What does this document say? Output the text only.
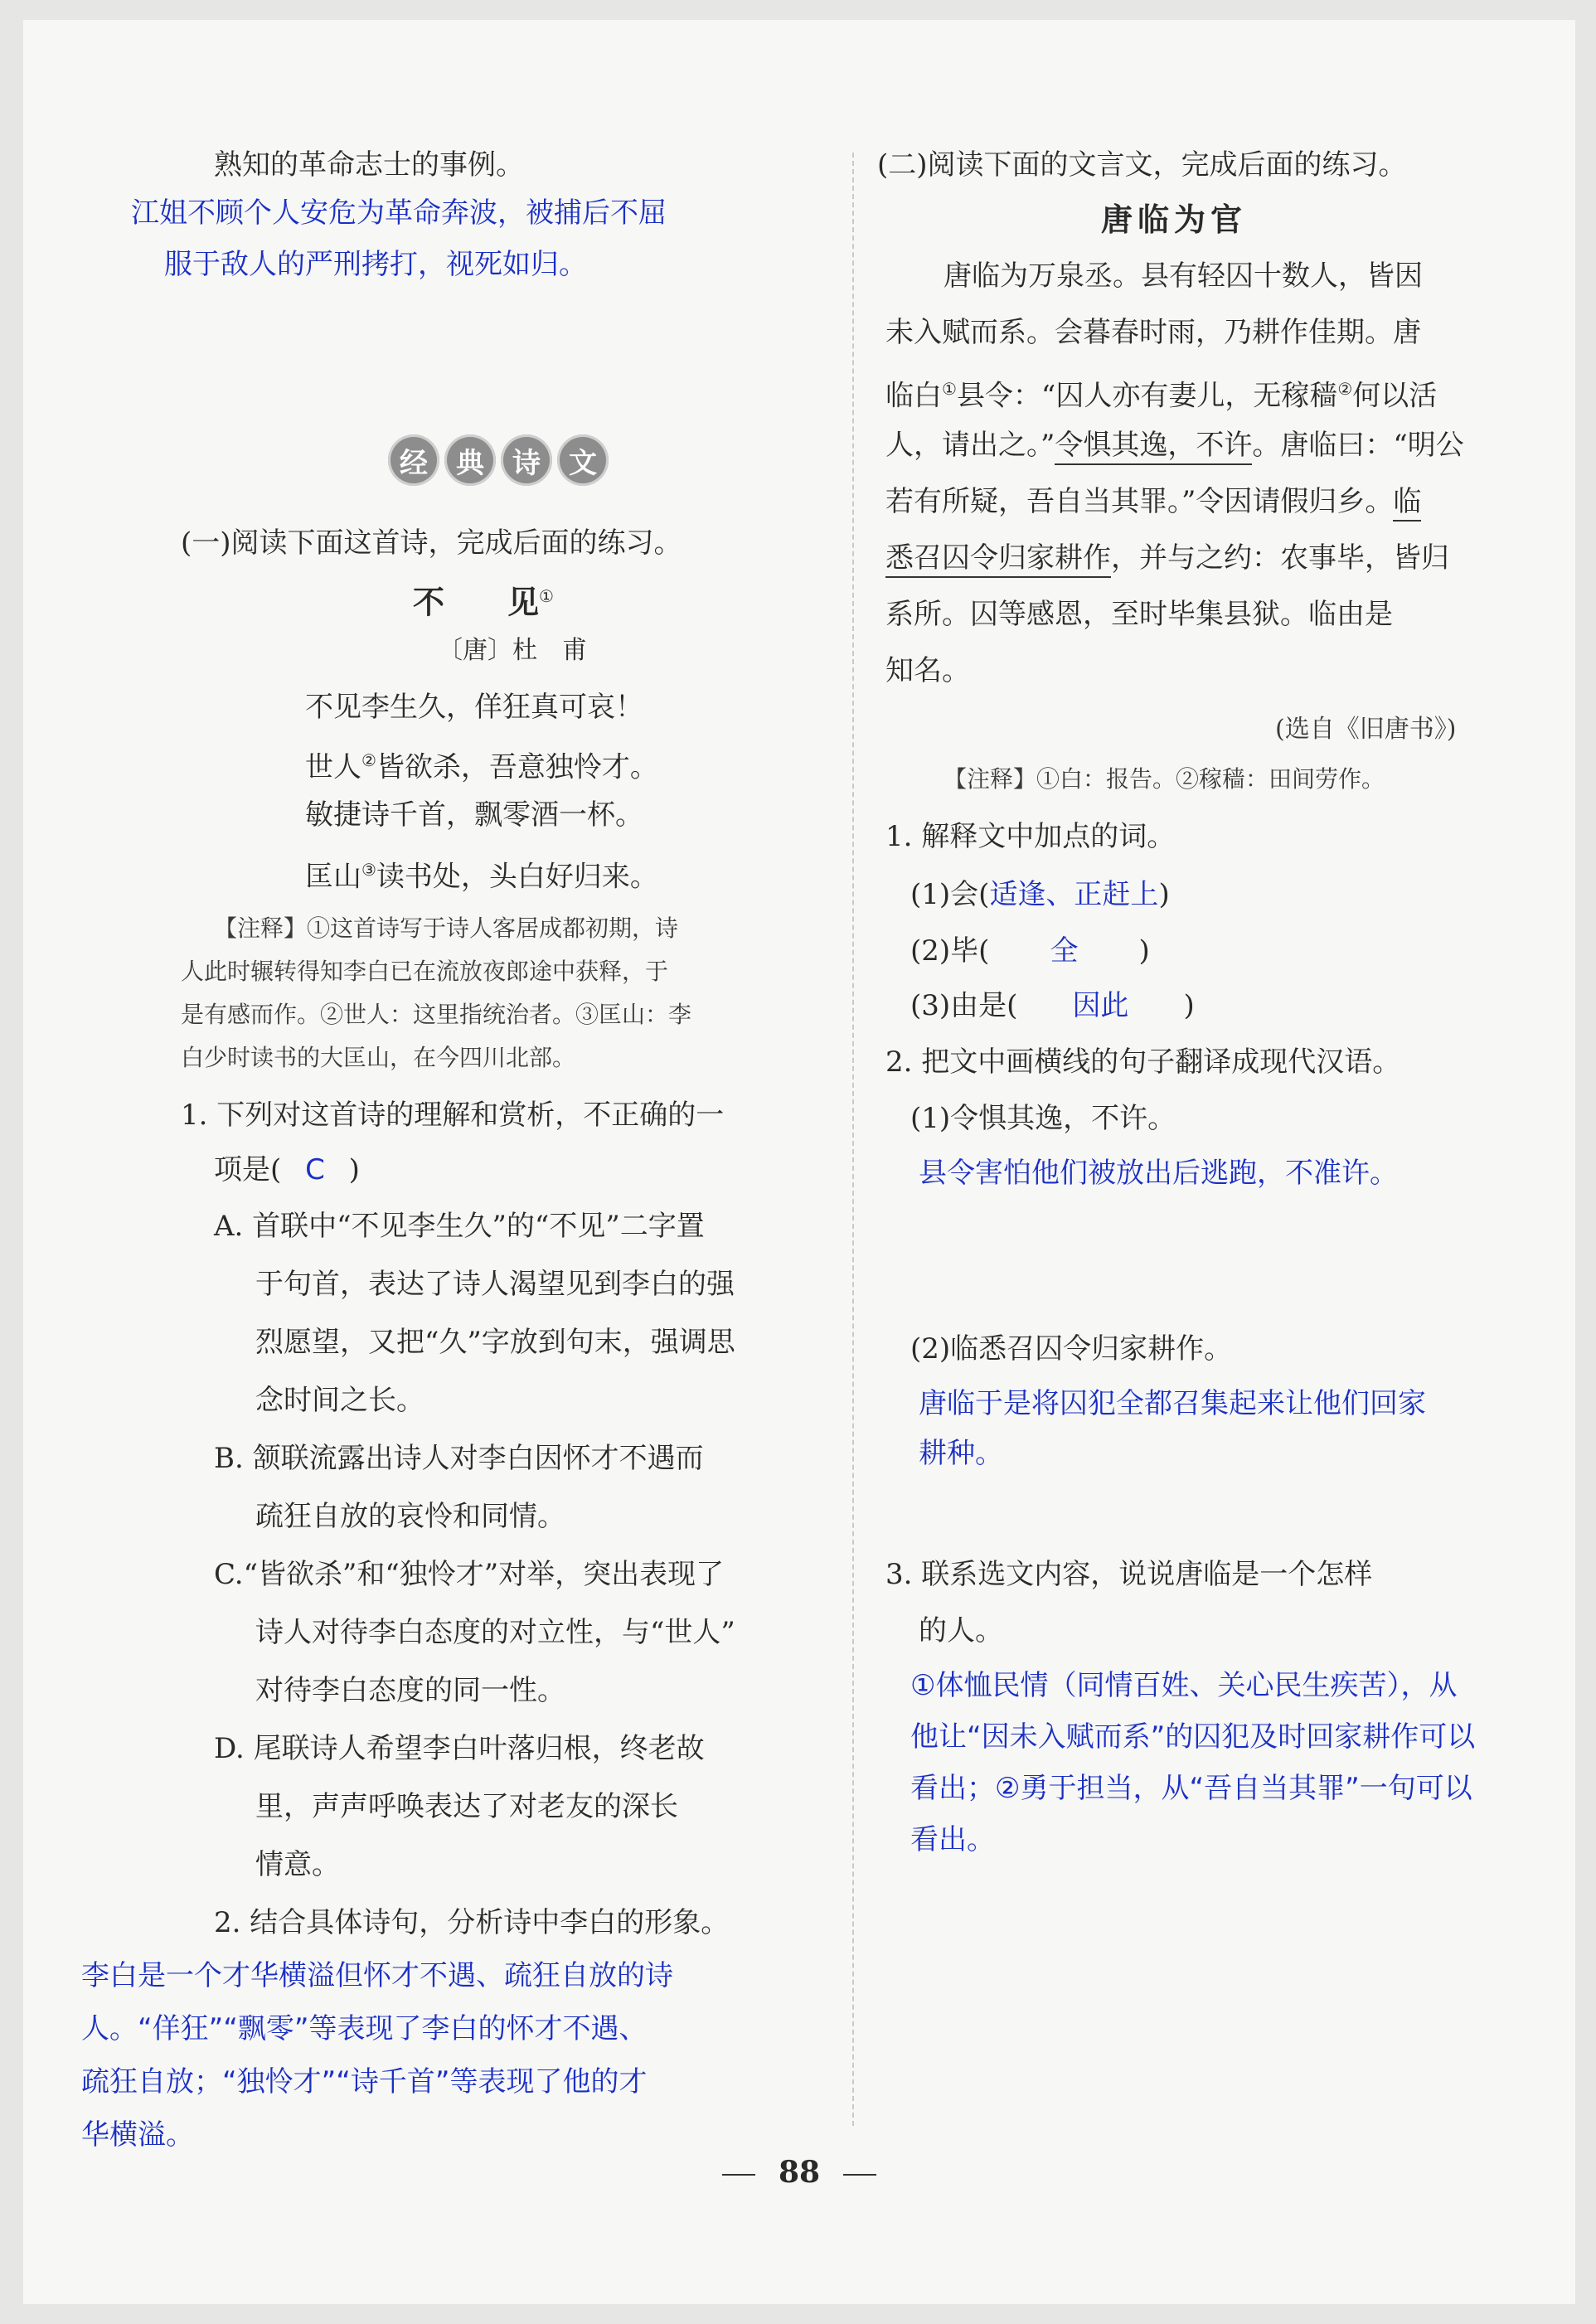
熟知的革命志士的事例。
江姐不顾个人安危为革命奔波，被捕后不屈
服于敌人的严刑拷打，视死如归。
经	典	诗	文
(一)阅读下面这首诗，完成后面的练习。
不　　见①
〔唐〕杜　甫
不见李生久，佯狂真可哀！
世人②皆欲杀，吾意独怜才。
敏捷诗千首，飘零酒一杯。
匡山③读书处，头白好归来。
【注释】①这首诗写于诗人客居成都初期，诗
人此时辗转得知李白已在流放夜郎途中获释，于
是有感而作。②世人：这里指统治者。③匡山：李
白少时读书的大匡山，在今四川北部。
1. 下列对这首诗的理解和赏析，不正确的一
项是( C )
A. 首联中“不见李生久”的“不见”二字置
于句首，表达了诗人渴望见到李白的强
烈愿望，又把“久”字放到句末，强调思
念时间之长。
B. 颔联流露出诗人对李白因怀才不遇而
疏狂自放的哀怜和同情。
C.“皆欲杀”和“独怜才”对举，突出表现了
诗人对待李白态度的对立性，与“世人”
对待李白态度的同一性。
D. 尾联诗人希望李白叶落归根，终老故
里，声声呼唤表达了对老友的深长
情意。
2. 结合具体诗句，分析诗中李白的形象。
李白是一个才华横溢但怀才不遇、疏狂自放的诗
人。“佯狂”“飘零”等表现了李白的怀才不遇、
疏狂自放；“独怜才”“诗千首”等表现了他的才
华横溢。
(二)阅读下面的文言文，完成后面的练习。
唐临为官
唐临为万泉丞。县有轻囚十数人，皆因
未入赋而系。会暮春时雨，乃耕作佳期。唐
临白①县令：“囚人亦有妻儿，无稼穑②何以活
人，请出之。”令惧其逸，不许。唐临曰：“明公
若有所疑，吾自当其罪。”令因请假归乡。临
悉召囚令归家耕作，并与之约：农事毕，皆归
系所。囚等感恩，至时毕集县狱。临由是
知名。
(选自《旧唐书》)
【注释】①白：报告。②稼穑：田间劳作。
1. 解释文中加点的词。
(1)会(适逢、正赶上)
(2)毕( 全 )
(3)由是( 因此 )
2. 把文中画横线的句子翻译成现代汉语。
(1)令惧其逸，不许。
县令害怕他们被放出后逃跑，不准许。
(2)临悉召囚令归家耕作。
唐临于是将囚犯全都召集起来让他们回家
耕种。
3. 联系选文内容，说说唐临是一个怎样
的人。
①体恤民情（同情百姓、关心民生疾苦），从
他让“因未入赋而系”的囚犯及时回家耕作可以
看出；②勇于担当，从“吾自当其罪”一句可以
看出。
88
